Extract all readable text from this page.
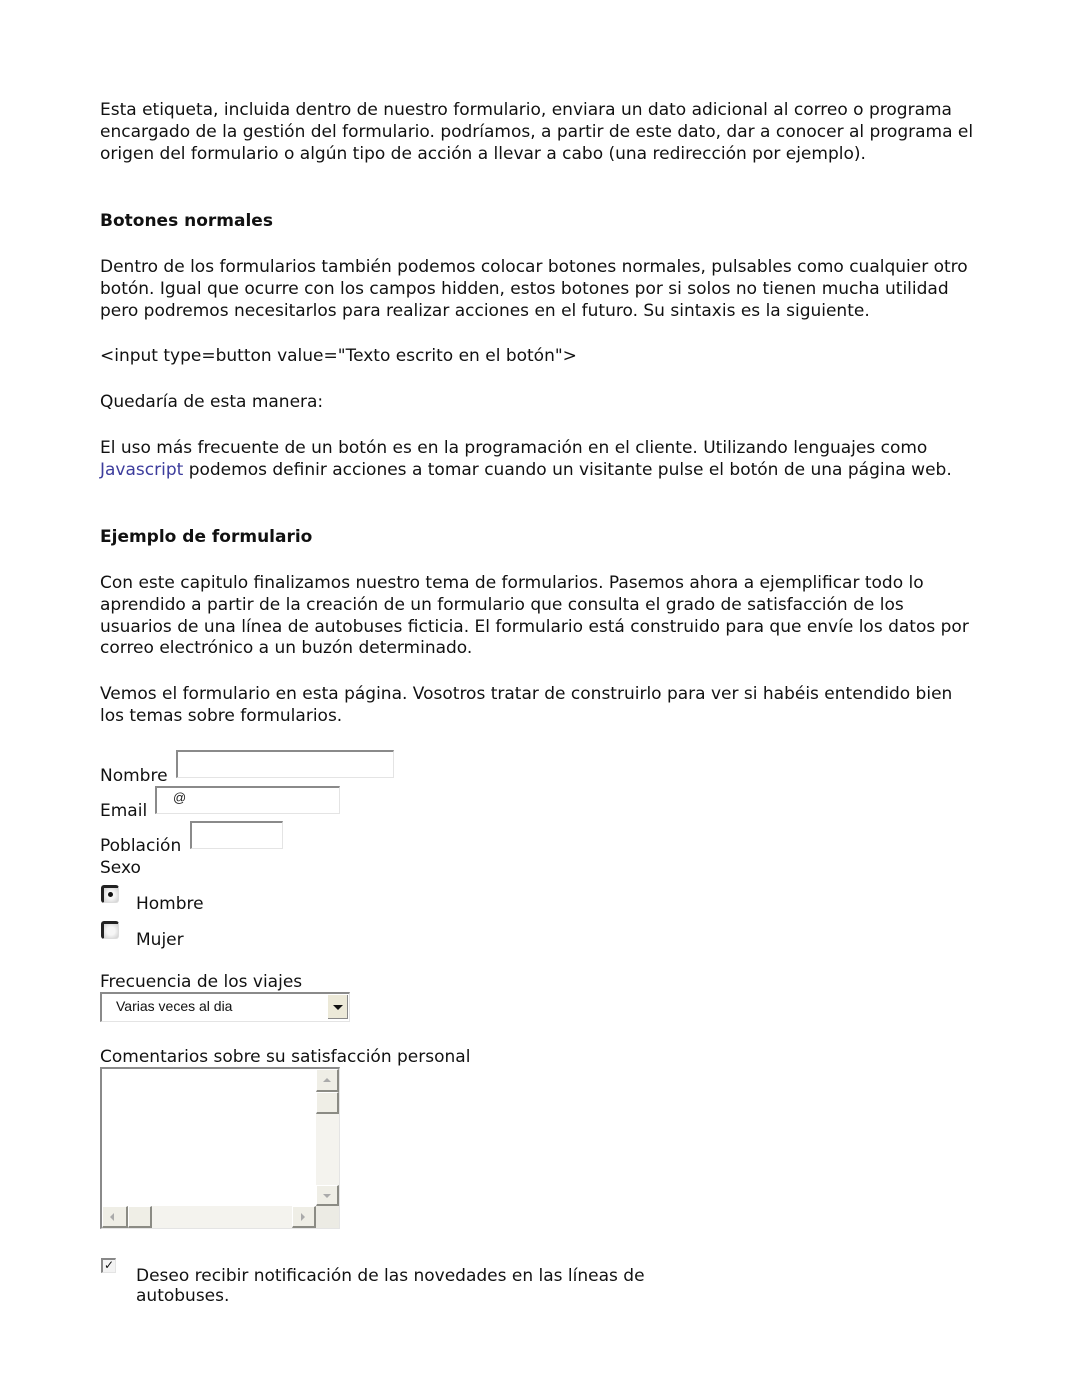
Esta etiqueta, incluida dentro de nuestro formulario, enviara un dato adicional al correo o programa encargado de la gestión del formulario. podríamos, a partir de este dato, dar a conocer al programa el origen del formulario o algún tipo de acción a llevar a cabo (una redirección por ejemplo).

Botones normales

Dentro de los formularios también podemos colocar botones normales, pulsables como cualquier otro botón. Igual que ocurre con los campos hidden, estos botones por si solos no tienen mucha utilidad pero podremos necesitarlos para realizar acciones en el futuro. Su sintaxis es la siguiente.

<input type=button value="Texto escrito en el botón">

Quedaría de esta manera:

El uso más frecuente de un botón es en la programación en el cliente. Utilizando lenguajes como Javascript podemos definir acciones a tomar cuando un visitante pulse el botón de una página web.

Ejemplo de formulario

Con este capitulo finalizamos nuestro tema de formularios. Pasemos ahora a ejemplificar todo lo aprendido a partir de la creación de un formulario que consulta el grado de satisfacción de los usuarios de una línea de autobuses ficticia. El formulario está construido para que envíe los datos por correo electrónico a un buzón determinado.

Vemos el formulario en esta página. Vosotros tratar de construirlo para ver si habéis entendido bien los temas sobre formularios.

Nombre
Email
@
Población
Sexo
Hombre
Mujer
Frecuencia de los viajes
Varias veces al dia
Comentarios sobre su satisfacción personal
✓
Deseo recibir notificación de las novedades en las líneas de autobuses.
